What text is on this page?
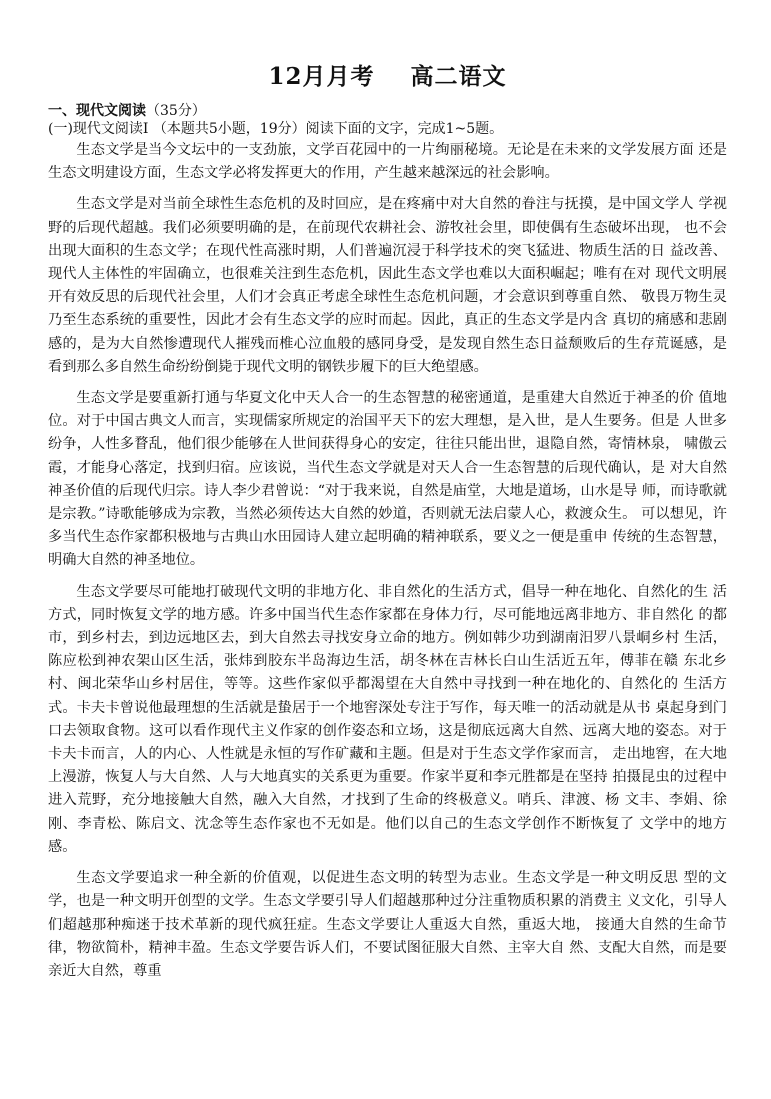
12月月考    高二语文
一、现代文阅读（35分）
(一)现代文阅读I （本题共5小题，19分）阅读下面的文字，完成1~5题。

生态文学是当今文坛中的一支劲旅，文学百花园中的一片绚丽秘境。无论是在未来的文学发展方面 还是生态文明建设方面，生态文学必将发挥更大的作用，产生越来越深远的社会影响。

生态文学是对当前全球性生态危机的及时回应，是在疼痛中对大自然的眷注与抚摸，是中国文学人 学视野的后现代超越。我们必须要明确的是，在前现代农耕社会、游牧社会里，即使偶有生态破坏出现， 也不会出现大面积的生态文学；在现代性高涨时期，人们普遍沉浸于科学技术的突飞猛进、物质生活的日 益改善、现代人主体性的牢固确立，也很难关注到生态危机，因此生态文学也难以大面积崛起；唯有在对 现代文明展开有效反思的后现代社会里，人们才会真正考虑全球性生态危机问题，才会意识到尊重自然、 敬畏万物生灵乃至生态系统的重要性，因此才会有生态文学的应时而起。因此，真正的生态文学是内含 真切的痛感和悲剧感的，是为大自然惨遭现代人摧残而椎心泣血般的感同身受，是发现自然生态日益颓败后的生存荒诞感，是看到那么多自然生命纷纷倒毙于现代文明的钢铁步履下的巨大绝望感。

生态文学是要重新打通与华夏文化中天人合一的生态智慧的秘密通道，是重建大自然近于神圣的价 值地位。对于中国古典文人而言，实现儒家所规定的治国平天下的宏大理想，是入世，是人生要务。但是 人世多纷争，人性多瞀乱，他们很少能够在人世间获得身心的安定，往往只能出世，退隐自然，寄情林泉， 啸傲云霞，才能身心落定，找到归宿。应该说，当代生态文学就是对天人合一生态智慧的后现代确认，是 对大自然神圣价值的后现代归宗。诗人李少君曾说：“对于我来说，自然是庙堂，大地是道场，山水是导 师，而诗歌就是宗教。”诗歌能够成为宗教，当然必须传达大自然的妙道，否则就无法启蒙人心，救渡众生。 可以想见，许多当代生态作家都积极地与古典山水田园诗人建立起明确的精神联系，要义之一便是重申 传统的生态智慧，明确大自然的神圣地位。

生态文学要尽可能地打破现代文明的非地方化、非自然化的生活方式，倡导一种在地化、自然化的生 活方式，同时恢复文学的地方感。许多中国当代生态作家都在身体力行，尽可能地远离非地方、非自然化 的都市，到乡村去，到边远地区去，到大自然去寻找安身立命的地方。例如韩少功到湖南汨罗八景峒乡村 生活，陈应松到神农架山区生活，张炜到胶东半岛海边生活，胡冬林在吉林长白山生活近五年，傅菲在赣 东北乡村、闽北荣华山乡村居住，等等。这些作家似乎都渴望在大自然中寻找到一种在地化的、自然化的 生活方式。卡夫卡曾说他最理想的生活就是蛰居于一个地窖深处专注于写作，每天唯一的活动就是从书 桌起身到门口去领取食物。这可以看作现代主义作家的创作姿态和立场，这是彻底远离大自然、远离大地的姿态。对于卡夫卡而言，人的内心、人性就是永恒的写作矿藏和主题。但是对于生态文学作家而言， 走出地窖，在大地上漫游，恢复人与大自然、人与大地真实的关系更为重要。作家半夏和李元胜都是在坚持 拍摄昆虫的过程中进入荒野，充分地接触大自然，融入大自然，才找到了生命的终极意义。哨兵、津渡、杨 文丰、李娟、徐刚、李青松、陈启文、沈念等生态作家也不无如是。他们以自己的生态文学创作不断恢复了 文学中的地方感。

生态文学要追求一种全新的价值观，以促进生态文明的转型为志业。生态文学是一种文明反思 型的文学，也是一种文明开创型的文学。生态文学要引导人们超越那种过分注重物质积累的消费主 义文化，引导人们超越那种痴迷于技术革新的现代疯狂症。生态文学要让人重返大自然，重返大地， 接通大自然的生命节律，物欲简朴，精神丰盈。生态文学要告诉人们，不要试图征服大自然、主宰大自 然、支配大自然，而是要亲近大自然，尊重
